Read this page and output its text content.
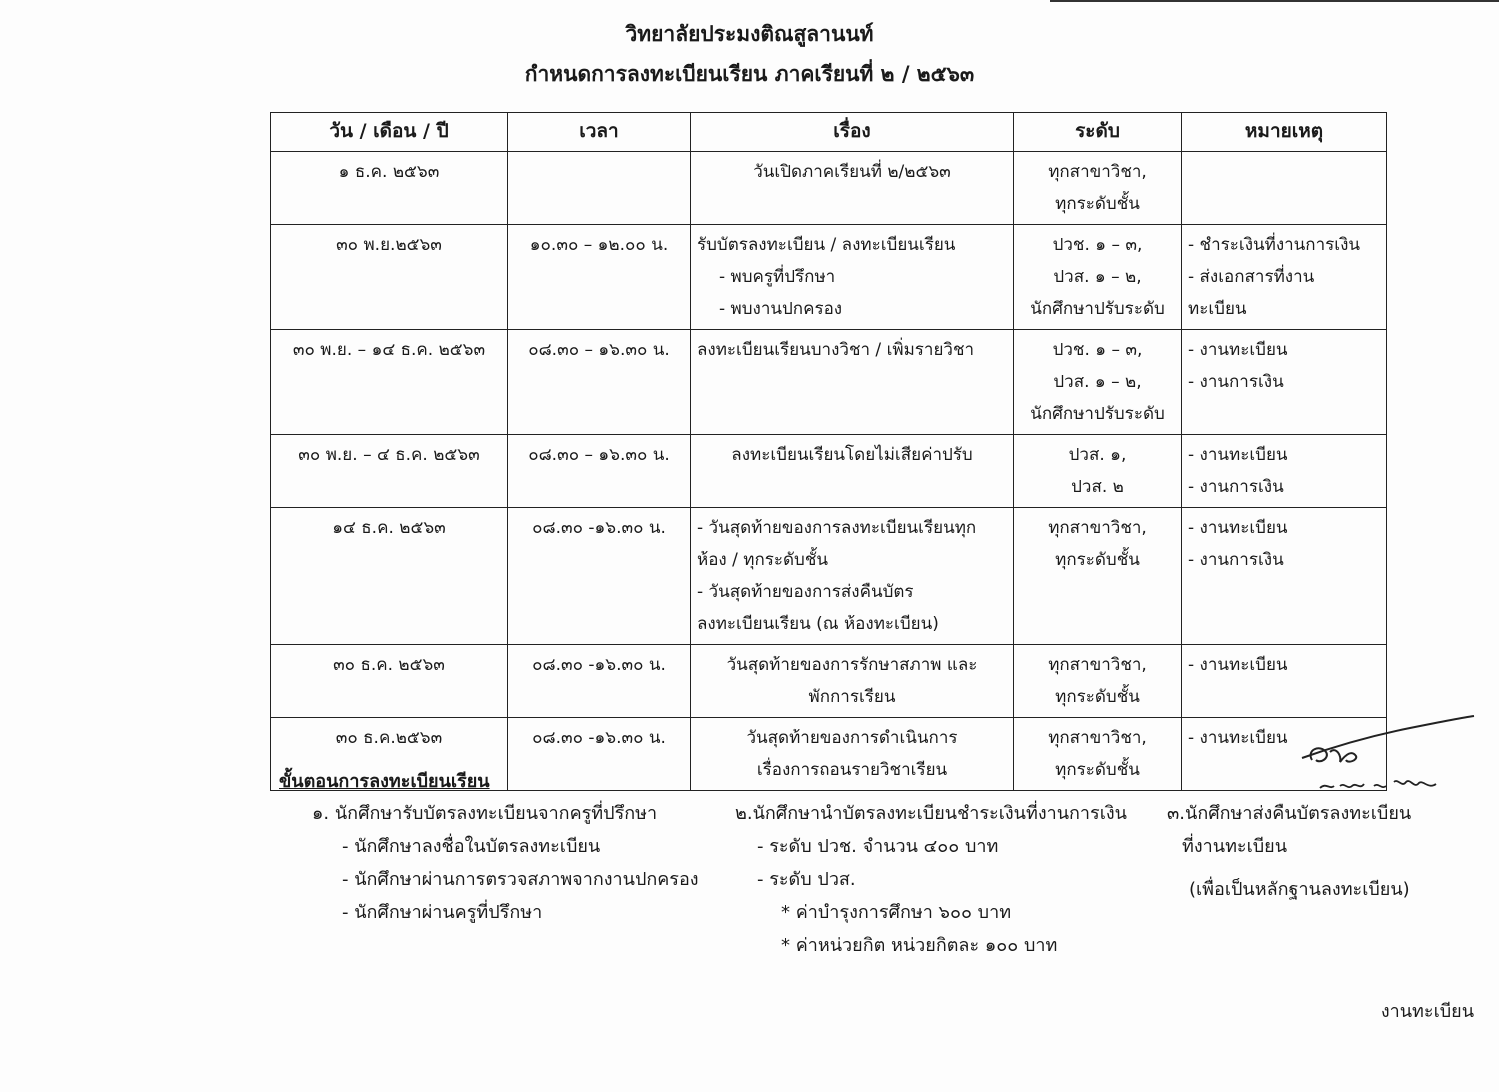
วิทยาลัยประมงติณสูลานนท์
กำหนดการลงทะเบียนเรียน ภาคเรียนที่ ๒ / ๒๕๖๓
วัน / เดือน / ปี	เวลา	เรื่อง	ระดับ	หมายเหตุ
๑ ธ.ค. ๒๕๖๓		วันเปิดภาคเรียนที่ ๒/๒๕๖๓	ทุกสาขาวิชา,
ทุกระดับชั้น	

๓๐ พ.ย.๒๕๖๓	๑๐.๓๐ – ๑๒.๐๐ น.	รับบัตรลงทะเบียน / ลงทะเบียนเรียน
- พบครูที่ปรึกษา
- พบงานปกครอง	ปวช. ๑ – ๓,
ปวส. ๑ – ๒,
นักศึกษาปรับระดับ	- ชำระเงินที่งานการเงิน
- ส่งเอกสารที่งาน
ทะเบียน

๓๐ พ.ย. – ๑๔ ธ.ค. ๒๕๖๓	๐๘.๓๐ – ๑๖.๓๐ น.	ลงทะเบียนเรียนบางวิชา / เพิ่มรายวิชา	ปวช. ๑ – ๓,
ปวส. ๑ – ๒,
นักศึกษาปรับระดับ	- งานทะเบียน
- งานการเงิน

๓๐ พ.ย. – ๔ ธ.ค. ๒๕๖๓	๐๘.๓๐ – ๑๖.๓๐ น.	ลงทะเบียนเรียนโดยไม่เสียค่าปรับ	ปวส. ๑,
ปวส. ๒	- งานทะเบียน
- งานการเงิน

๑๔ ธ.ค. ๒๕๖๓	๐๘.๓๐ -๑๖.๓๐ น.	- วันสุดท้ายของการลงทะเบียนเรียนทุก
ห้อง / ทุกระดับชั้น
- วันสุดท้ายของการส่งคืนบัตร
ลงทะเบียนเรียน (ณ ห้องทะเบียน)	ทุกสาขาวิชา,
ทุกระดับชั้น	- งานทะเบียน
- งานการเงิน

๓๐ ธ.ค. ๒๕๖๓	๐๘.๓๐ -๑๖.๓๐ น.	วันสุดท้ายของการรักษาสภาพ และ
พักการเรียน	ทุกสาขาวิชา,
ทุกระดับชั้น	- งานทะเบียน

๓๐ ธ.ค.๒๕๖๓	๐๘.๓๐ -๑๖.๓๐ น.	วันสุดท้ายของการดำเนินการ
เรื่องการถอนรายวิชาเรียน	ทุกสาขาวิชา,
ทุกระดับชั้น	- งานทะเบียน
ขั้นตอนการลงทะเบียนเรียน
๑. นักศึกษารับบัตรลงทะเบียนจากครูที่ปรึกษา
- นักศึกษาลงชื่อในบัตรลงทะเบียน
- นักศึกษาผ่านการตรวจสภาพจากงานปกครอง
- นักศึกษาผ่านครูที่ปรึกษา
๒.นักศึกษานำบัตรลงทะเบียนชำระเงินที่งานการเงิน
- ระดับ ปวช. จำนวน ๔๐๐ บาท
- ระดับ ปวส.
* ค่าบำรุงการศึกษา ๖๐๐ บาท
* ค่าหน่วยกิต หน่วยกิตละ ๑๐๐ บาท
๓.นักศึกษาส่งคืนบัตรลงทะเบียน
ที่งานทะเบียน
(เพื่อเป็นหลักฐานลงทะเบียน)
งานทะเบียน
